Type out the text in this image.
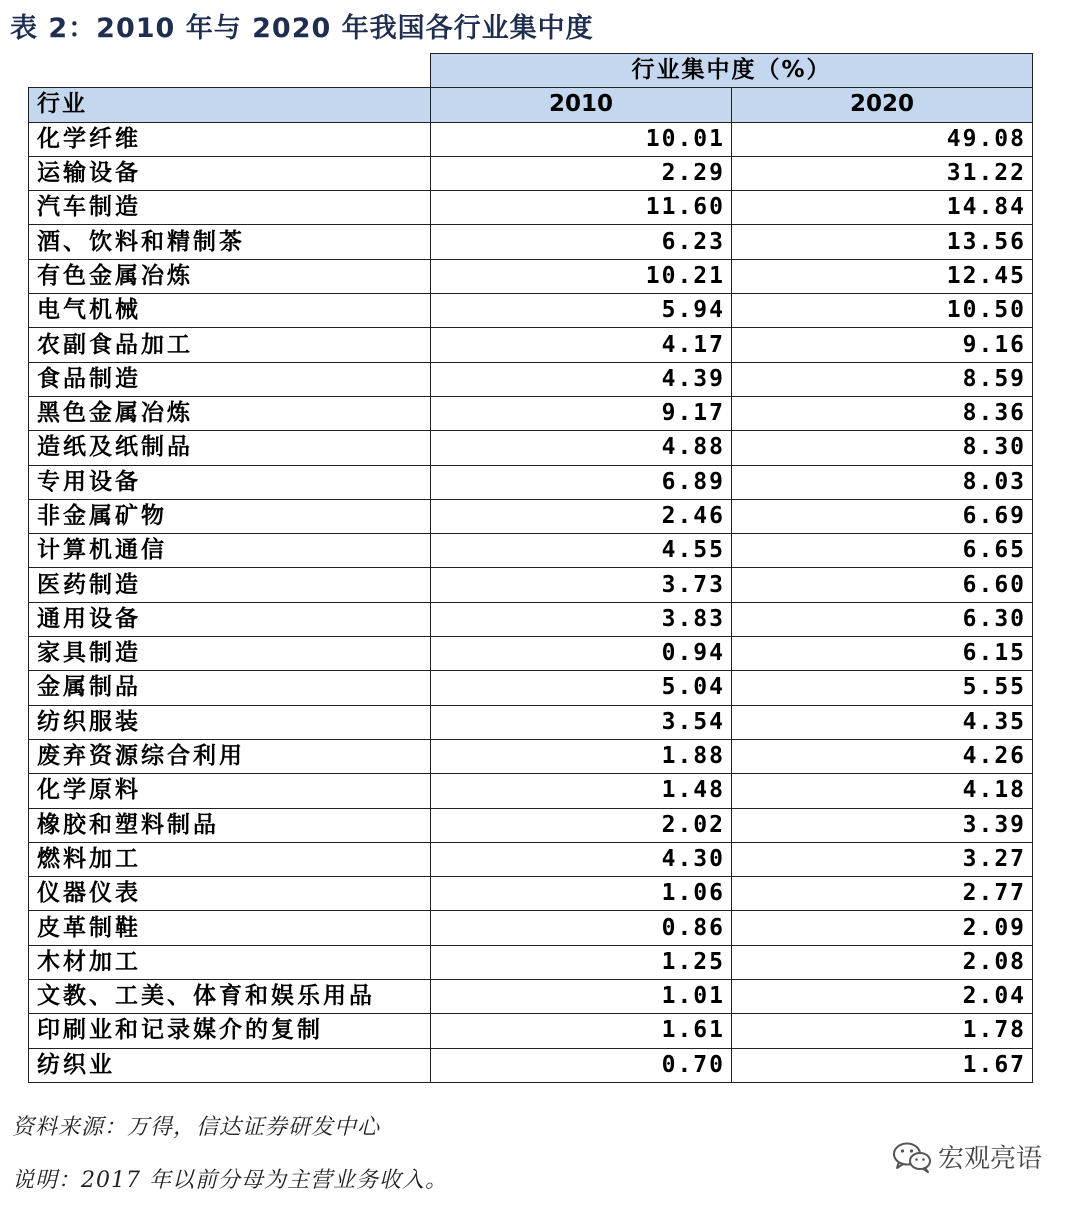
表 2：2010 年与 2020 年我国各行业集中度
	行业集中度（%）	
行业	2010	2020
化学纤维	10.01	49.08
运输设备	2.29	31.22
汽车制造	11.60	14.84
酒、饮料和精制茶	6.23	13.56
有色金属冶炼	10.21	12.45
电气机械	5.94	10.50
农副食品加工	4.17	9.16
食品制造	4.39	8.59
黑色金属冶炼	9.17	8.36
造纸及纸制品	4.88	8.30
专用设备	6.89	8.03
非金属矿物	2.46	6.69
计算机通信	4.55	6.65
医药制造	3.73	6.60
通用设备	3.83	6.30
家具制造	0.94	6.15
金属制品	5.04	5.55
纺织服装	3.54	4.35
废弃资源综合利用	1.88	4.26
化学原料	1.48	4.18
橡胶和塑料制品	2.02	3.39
燃料加工	4.30	3.27
仪器仪表	1.06	2.77
皮革制鞋	0.86	2.09
木材加工	1.25	2.08
文教、工美、体育和娱乐用品	1.01	2.04
印刷业和记录媒介的复制	1.61	1.78
纺织业	0.70	1.67
资料来源：万得，信达证券研发中心
说明：2017 年以前分母为主营业务收入。
宏观亮语
